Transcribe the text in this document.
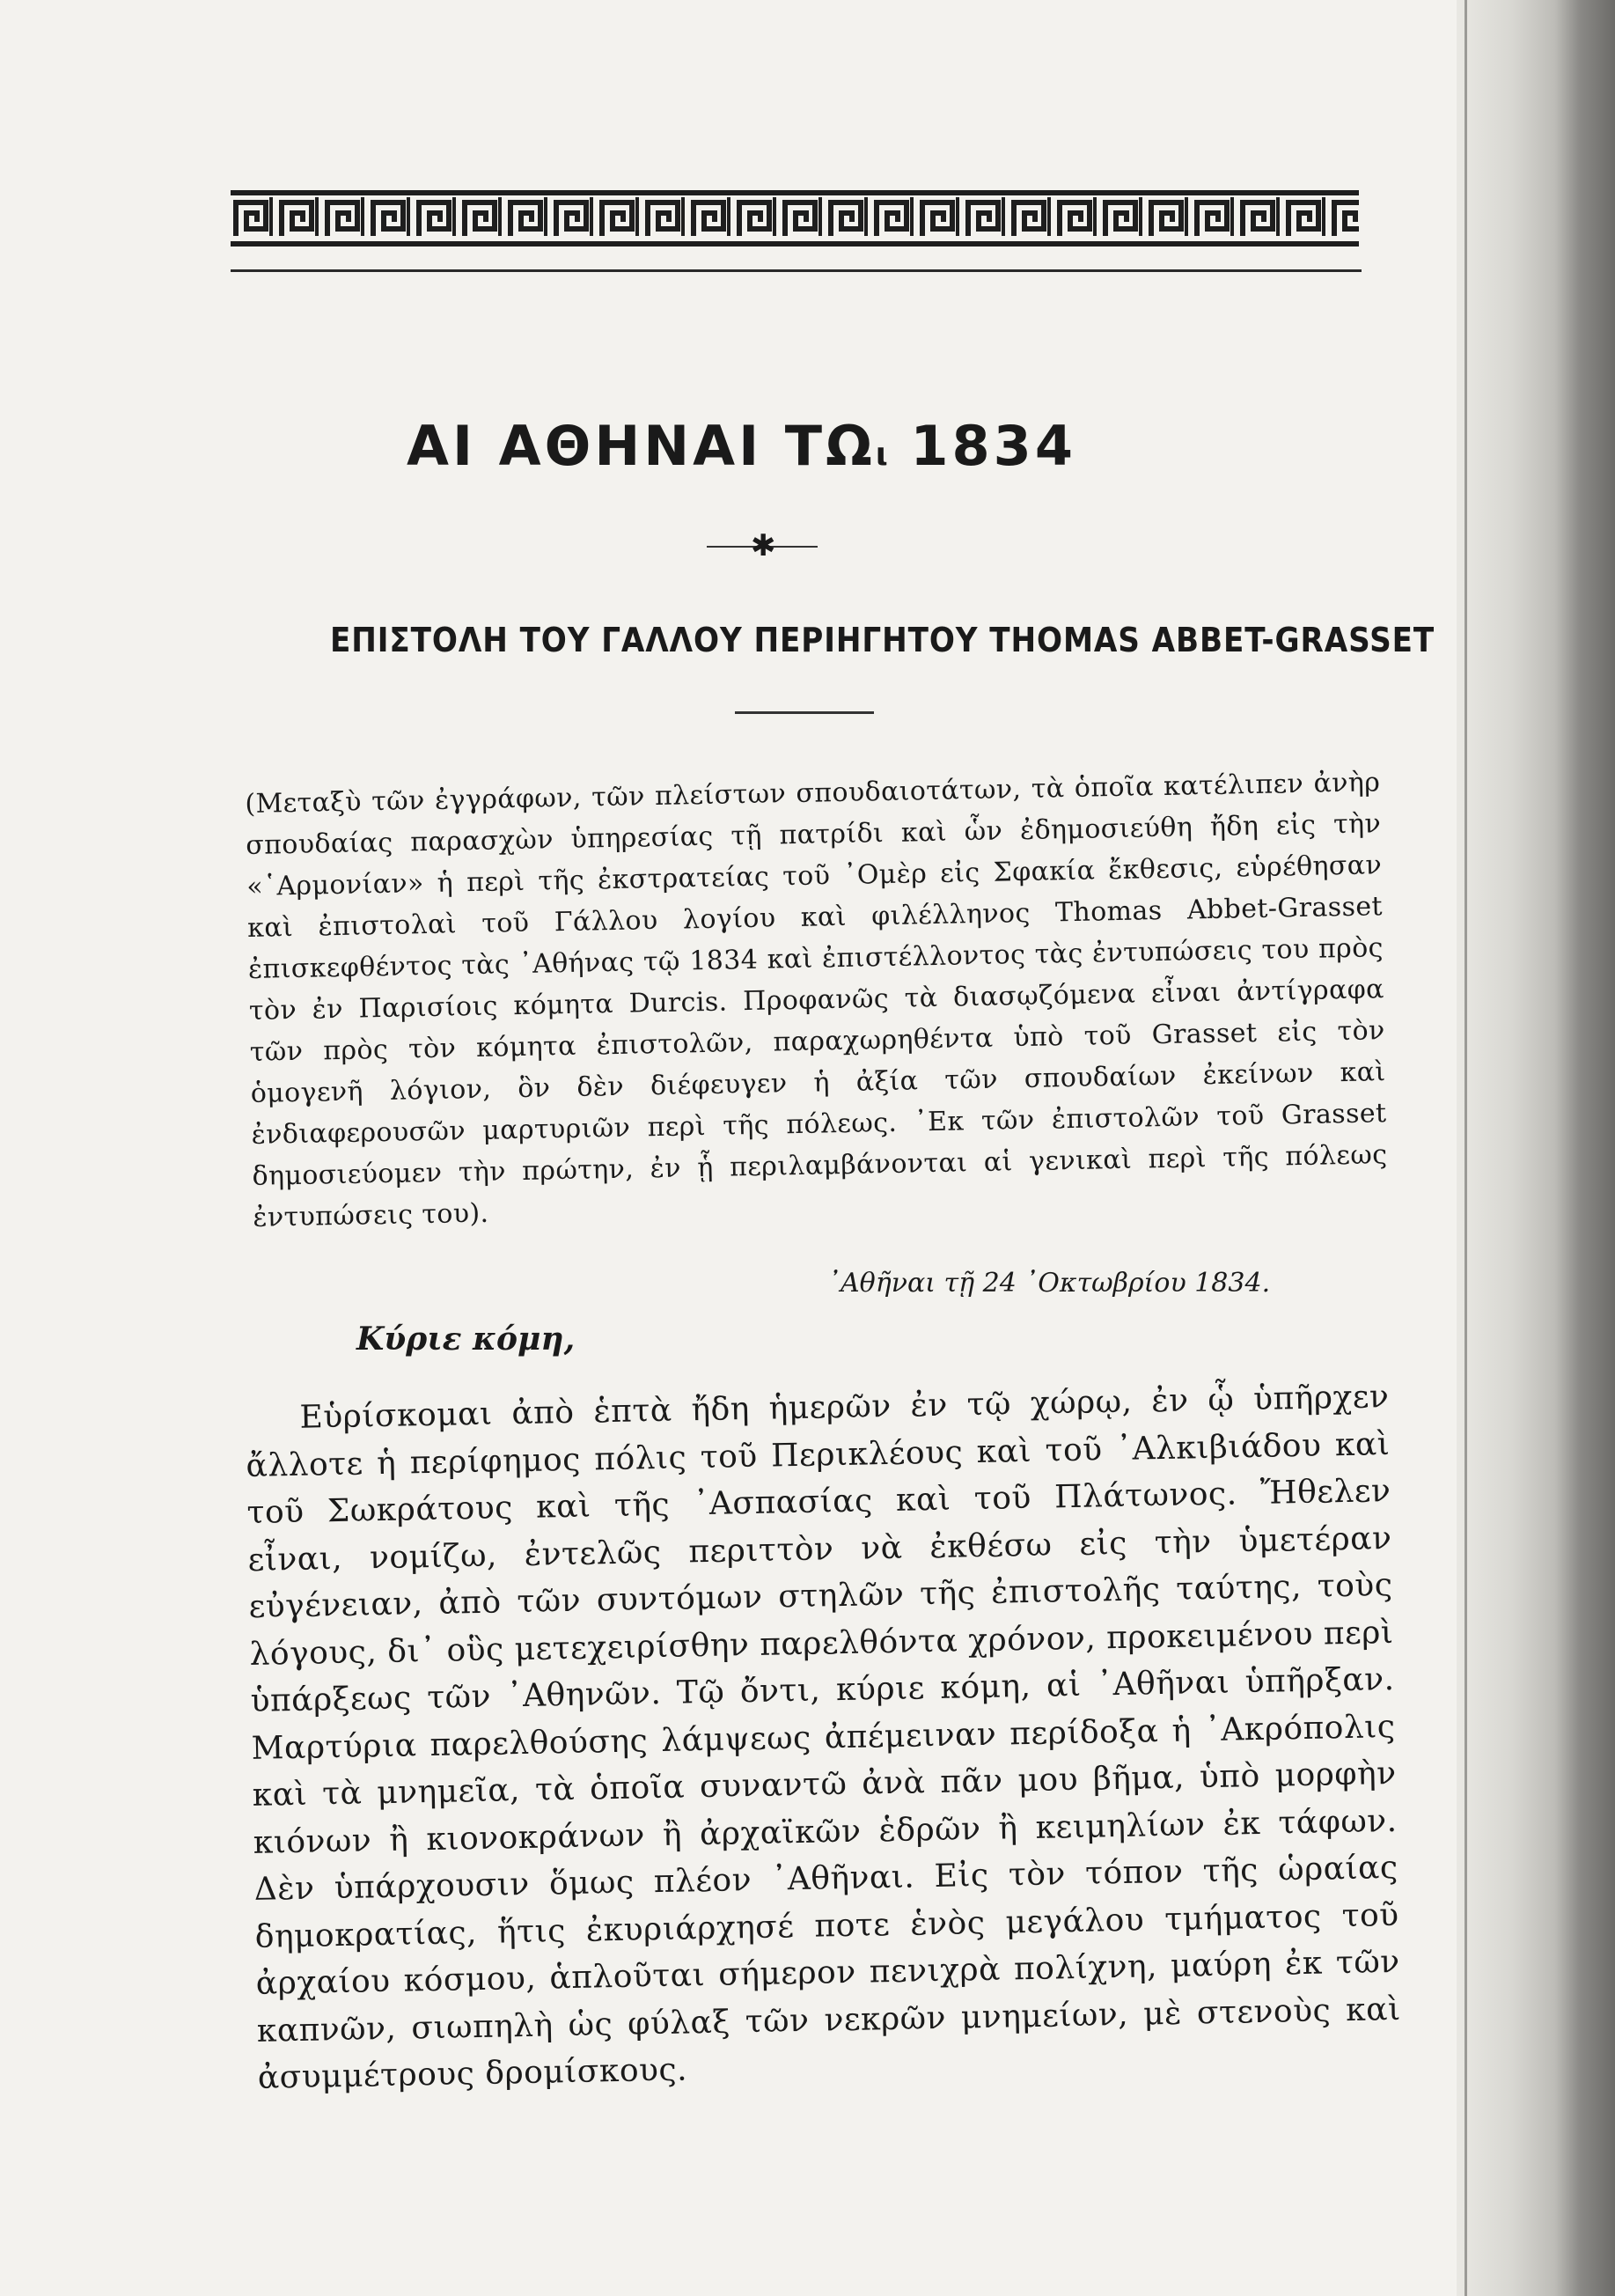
ΑΙ ΑΘΗΝΑΙ ΤΩι 1834
✱
ΕΠΙΣΤΟΛΗ ΤΟΥ ΓΑΛΛΟΥ ΠΕΡΙΗΓΗΤΟΥ THOMAS ABBET-GRASSET
(Μεταξὺ τῶν ἐγγράφων, τῶν πλείστων σπουδαιοτάτων, τὰ ὁποῖα κατέλιπεν ἀνὴρ σπουδαίας παρασχὼν ὑπηρεσίας τῇ πατρίδι καὶ ὧν ἐδημοσιεύθη ἤδη εἰς τὴν «῾Αρμονίαν» ἡ περὶ τῆς ἐκστρατείας τοῦ ᾿Ομὲρ εἰς Σφακία ἔκθεσις, εὑρέθησαν καὶ ἐπιστολαὶ τοῦ Γάλλου λογίου καὶ φιλέλληνος Thomas Abbet-Grasset ἐπισκεφθέντος τὰς ᾿Αθήνας τῷ 1834 καὶ ἐπιστέλλοντος τὰς ἐντυπώσεις του πρὸς τὸν ἐν Παρισίοις κόμητα Durcis. Προφανῶς τὰ διασῳζόμενα εἶναι ἀντίγραφα τῶν πρὸς τὸν κόμητα ἐπιστολῶν, παραχωρηθέντα ὑπὸ τοῦ Grasset εἰς τὸν ὁμογενῆ λόγιον, ὃν δὲν διέφευγεν ἡ ἀξία τῶν σπουδαίων ἐκείνων καὶ ἐνδιαφερουσῶν μαρτυριῶν περὶ τῆς πόλεως. ᾿Εκ τῶν ἐπιστολῶν τοῦ Grasset δημοσιεύομεν τὴν πρώτην, ἐν ᾗ περιλαμβάνονται αἱ γενικαὶ περὶ τῆς πόλεως ἐντυπώσεις του).
᾿Αθῆναι τῇ 24 ᾿Οκτωβρίου 1834.
Κύριε κόμη,
Εὑρίσκομαι ἀπὸ ἑπτὰ ἤδη ἡμερῶν ἐν τῷ χώρῳ, ἐν ᾧ ὑπῆρχεν ἄλλοτε ἡ περίφημος πόλις τοῦ Περικλέους καὶ τοῦ ᾿Αλκιβιάδου καὶ τοῦ Σωκράτους καὶ τῆς ᾿Ασπασίας καὶ τοῦ Πλάτωνος. Ἤθελεν εἶναι, νομίζω, ἐντελῶς περιττὸν νὰ ἐκθέσω εἰς τὴν ὑμετέραν εὐγένειαν, ἀπὸ τῶν συντόμων στηλῶν τῆς ἐπιστολῆς ταύτης, τοὺς λόγους, δι᾿ οὓς μετεχειρίσθην παρελθόντα χρόνον, προκειμένου περὶ ὑπάρξεως τῶν ᾿Αθηνῶν. Τῷ ὄντι, κύριε κόμη, αἱ ᾿Αθῆναι ὑπῆρξαν. Μαρτύρια παρελθούσης λάμψεως ἀπέμειναν περίδοξα ἡ ᾿Ακρόπολις καὶ τὰ μνημεῖα, τὰ ὁποῖα συναντῶ ἀνὰ πᾶν μου βῆμα, ὑπὸ μορφὴν κιόνων ἢ κιονοκράνων ἢ ἀρχαϊκῶν ἑδρῶν ἢ κειμηλίων ἐκ τάφων. Δὲν ὑπάρχουσιν ὅμως πλέον ᾿Αθῆναι. Εἰς τὸν τόπον τῆς ὡραίας δημοκρατίας, ἥτις ἐκυριάρχησέ ποτε ἑνὸς μεγάλου τμήματος τοῦ ἀρχαίου κόσμου, ἁπλοῦται σήμερον πενιχρὰ πολίχνη, μαύρη ἐκ τῶν καπνῶν, σιωπηλὴ ὡς φύλαξ τῶν νεκρῶν μνημείων, μὲ στενοὺς καὶ ἀσυμμέτρους δρομίσκους.
